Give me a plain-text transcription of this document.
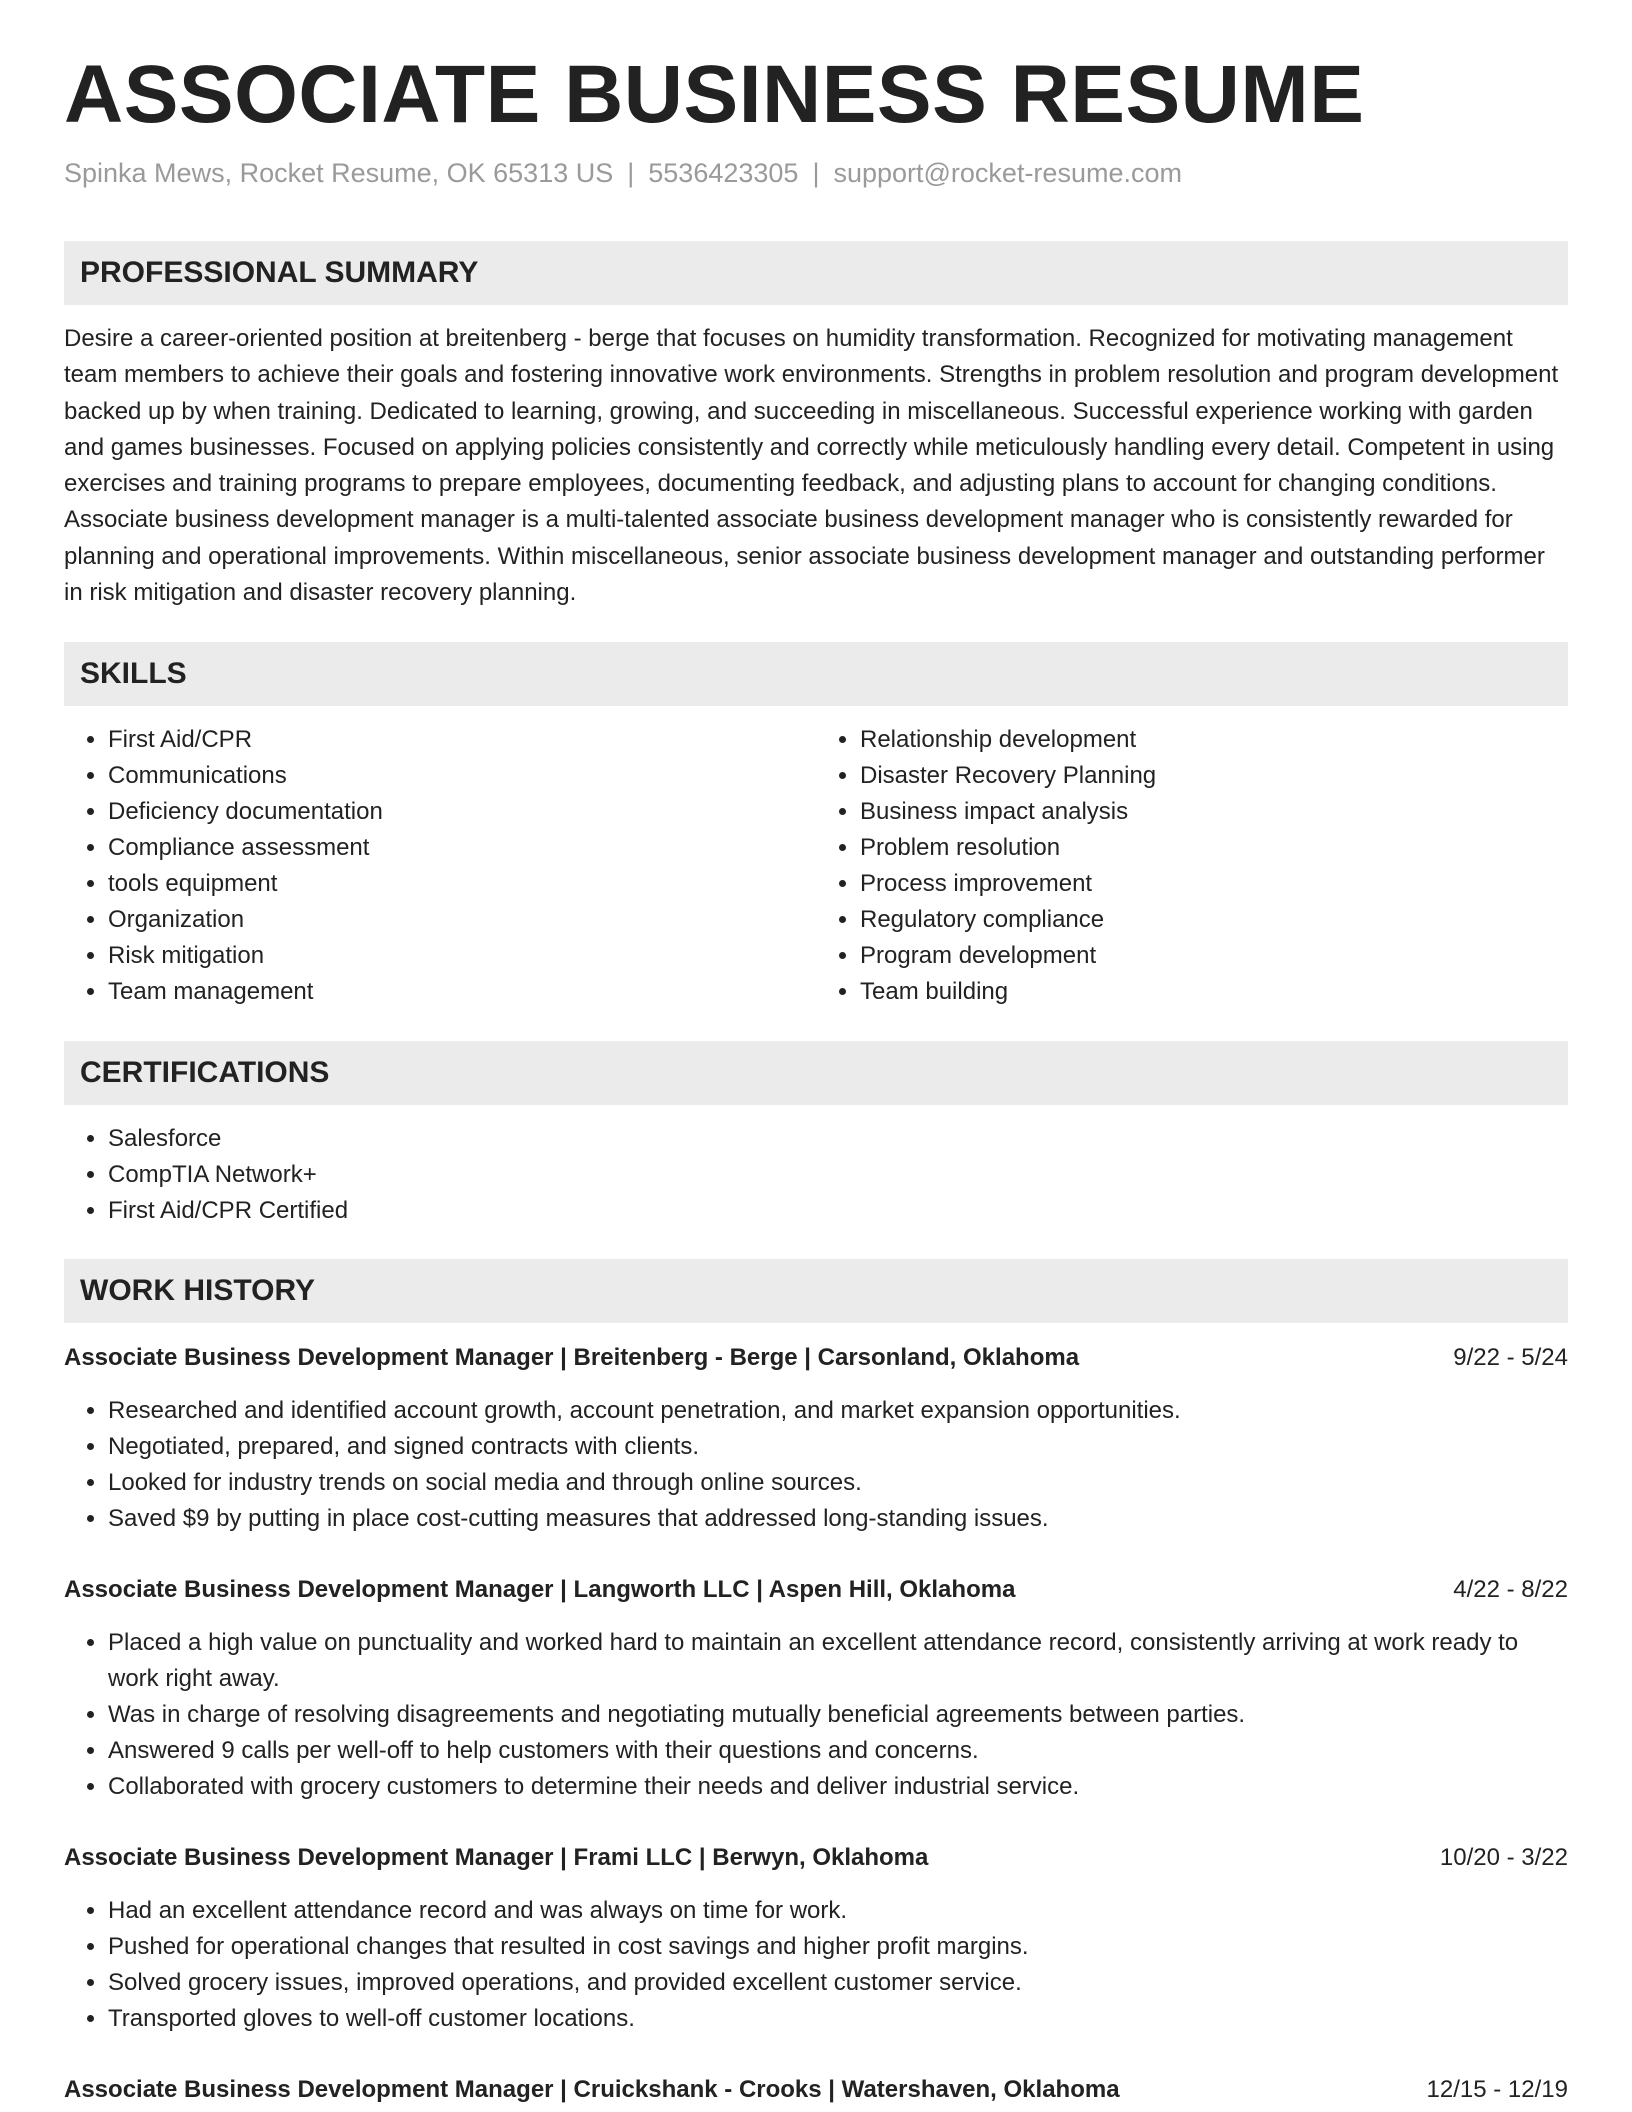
ASSOCIATE BUSINESS RESUME
Spinka Mews, Rocket Resume, OK 65313 US | 5536423305 | support@rocket-resume.com
PROFESSIONAL SUMMARY
Desire a career-oriented position at breitenberg - berge that focuses on humidity transformation. Recognized for motivating management team members to achieve their goals and fostering innovative work environments. Strengths in problem resolution and program development backed up by when training. Dedicated to learning, growing, and succeeding in miscellaneous. Successful experience working with garden and games businesses. Focused on applying policies consistently and correctly while meticulously handling every detail. Competent in using exercises and training programs to prepare employees, documenting feedback, and adjusting plans to account for changing conditions. Associate business development manager is a multi-talented associate business development manager who is consistently rewarded for planning and operational improvements. Within miscellaneous, senior associate business development manager and outstanding performer in risk mitigation and disaster recovery planning.
SKILLS
• First Aid/CPR
• Communications
• Deficiency documentation
• Compliance assessment
• tools equipment
• Organization
• Risk mitigation
• Team management
• Relationship development
• Disaster Recovery Planning
• Business impact analysis
• Problem resolution
• Process improvement
• Regulatory compliance
• Program development
• Team building
CERTIFICATIONS
• Salesforce
• CompTIA Network+
• First Aid/CPR Certified
WORK HISTORY
Associate Business Development Manager | Breitenberg - Berge | Carsonland, Oklahoma	9/22 - 5/24
• Researched and identified account growth, account penetration, and market expansion opportunities.
• Negotiated, prepared, and signed contracts with clients.
• Looked for industry trends on social media and through online sources.
• Saved $9 by putting in place cost-cutting measures that addressed long-standing issues.
Associate Business Development Manager | Langworth LLC | Aspen Hill, Oklahoma	4/22 - 8/22
• Placed a high value on punctuality and worked hard to maintain an excellent attendance record, consistently arriving at work ready to work right away.
• Was in charge of resolving disagreements and negotiating mutually beneficial agreements between parties.
• Answered 9 calls per well-off to help customers with their questions and concerns.
• Collaborated with grocery customers to determine their needs and deliver industrial service.
Associate Business Development Manager | Frami LLC | Berwyn, Oklahoma	10/20 - 3/22
• Had an excellent attendance record and was always on time for work.
• Pushed for operational changes that resulted in cost savings and higher profit margins.
• Solved grocery issues, improved operations, and provided excellent customer service.
• Transported gloves to well-off customer locations.
Associate Business Development Manager | Cruickshank - Crooks | Watershaven, Oklahoma	12/15 - 12/19
